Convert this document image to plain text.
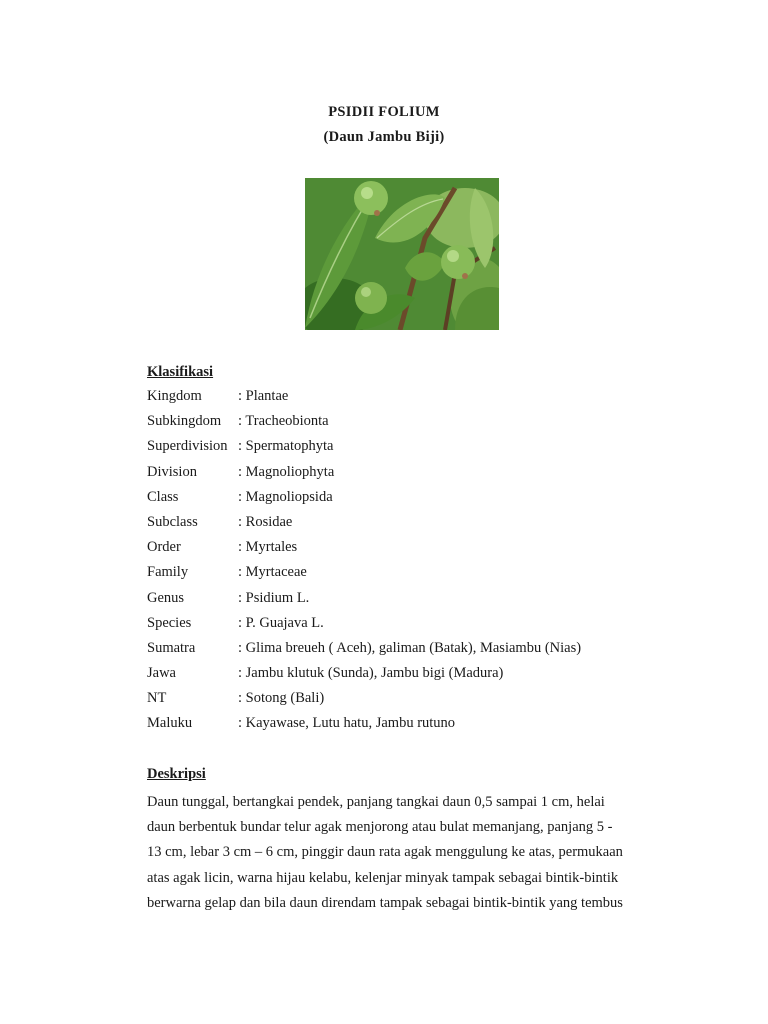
PSIDII FOLIUM
(Daun Jambu Biji)
Klasifikasi
Kingdom : Plantae
Subkingdom : Tracheobionta
Superdivision : Spermatophyta
Division	: Magnoliophyta
Class	: Magnoliopsida
Subclass	: Rosidae
Order	: Myrtales
Family	: Myrtaceae
Genus	: Psidium L.
Species	: P. Guajava L.
Sumatra	: Glima breueh ( Aceh), galiman (Batak), Masiambu (Nias)
Jawa	: Jambu klutuk (Sunda), Jambu bigi (Madura)
NT	: Sotong (Bali)
Maluku	: Kayawase, Lutu hatu, Jambu rutuno
Deskripsi
Daun tunggal, bertangkai pendek, panjang tangkai daun 0,5 sampai 1 cm, helai
daun berbentuk bundar telur agak menjorong atau bulat memanjang, panjang 5 -
13 cm, lebar 3 cm – 6 cm, pinggir daun rata agak menggulung ke atas, permukaan
atas agak licin, warna hijau kelabu, kelenjar minyak tampak sebagai bintik-bintik
berwarna gelap dan bila daun direndam tampak sebagai bintik-bintik yang tembus
